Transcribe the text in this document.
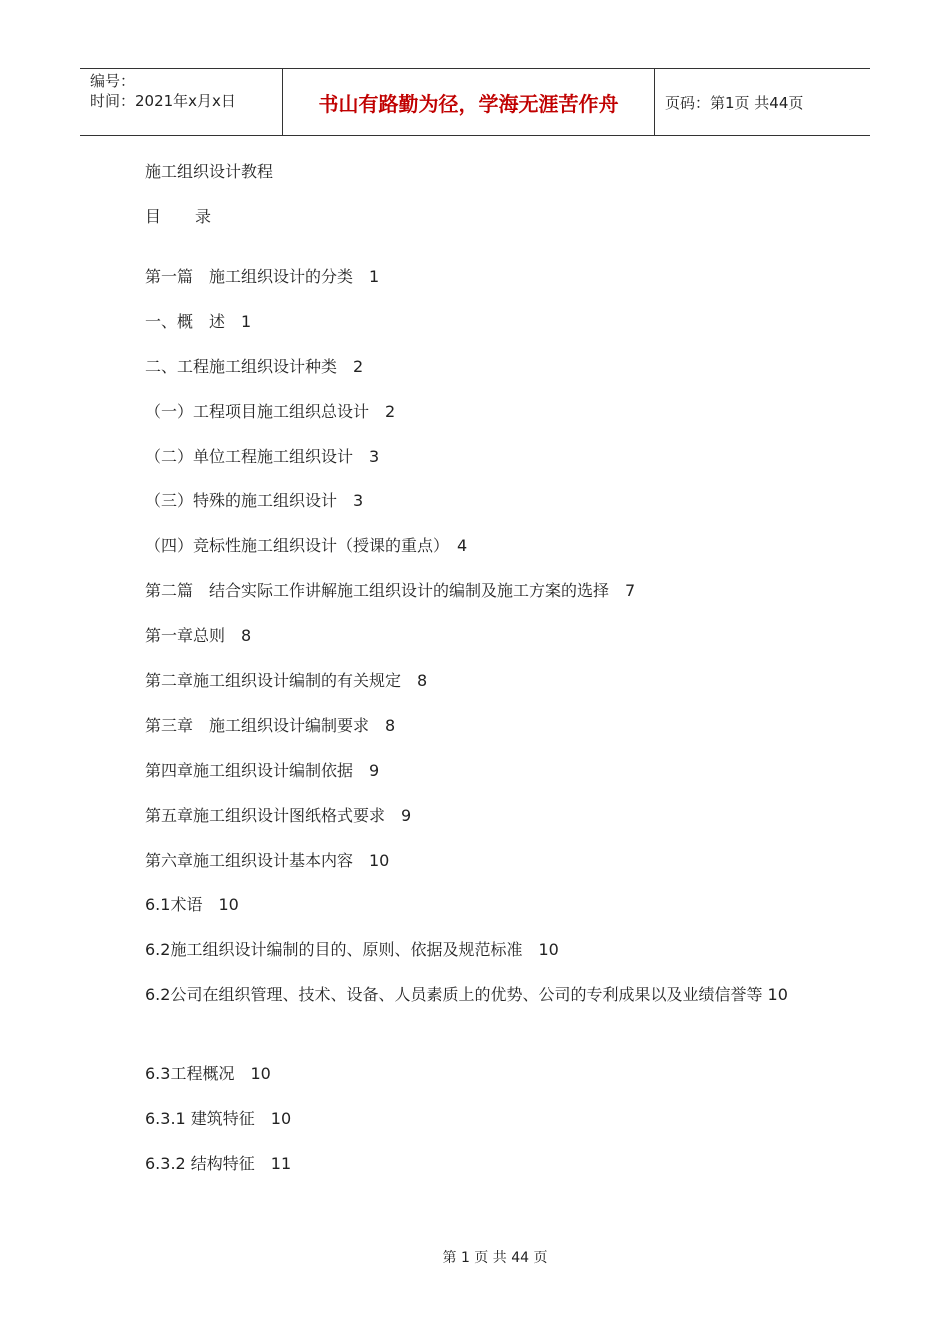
编号：
时间：2021年x月x日	书山有路勤为径，学海无涯苦作舟	页码：第1页 共44页
施工组织设计教程
目录
第一篇　施工组织设计的分类　1
一、概　述　1
二、工程施工组织设计种类　2
（一）工程项目施工组织总设计　2
（二）单位工程施工组织设计　3
（三）特殊的施工组织设计　3
（四）竞标性施工组织设计（授课的重点）　4
第二篇　结合实际工作讲解施工组织设计的编制及施工方案的选择　7
第一章总则　8
第二章施工组织设计编制的有关规定　8
第三章　施工组织设计编制要求　8
第四章施工组织设计编制依据　9
第五章施工组织设计图纸格式要求　9
第六章施工组织设计基本内容　10
6.1术语　10
6.2施工组织设计编制的目的、原则、依据及规范标准　10
6.2公司在组织管理、技术、设备、人员素质上的优势、公司的专利成果以及业绩信誉等 10
6.3工程概况　10
6.3.1 建筑特征　10
6.3.2 结构特征　11
第 1 页 共 44 页
